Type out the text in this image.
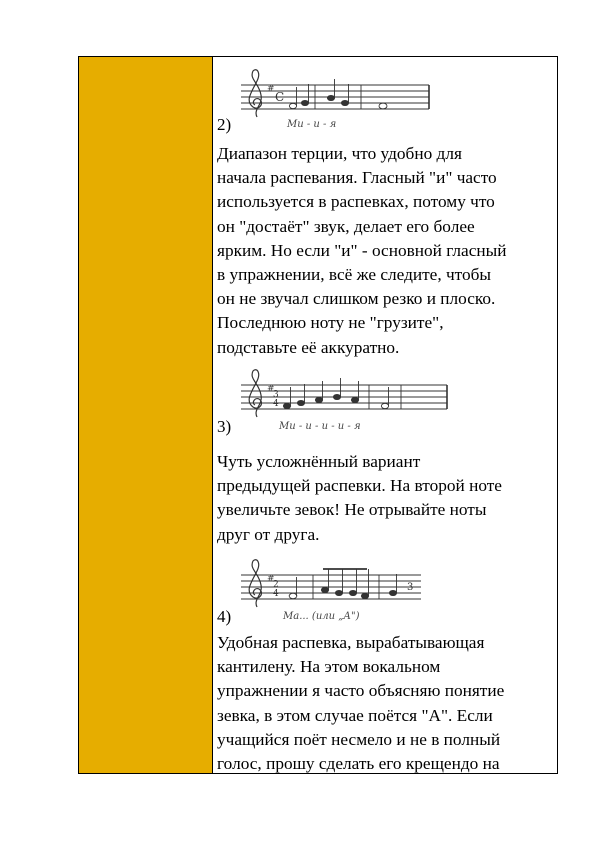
2)
#
C
Ми - и - я
Диапазон терции, что удобно для
начала распевания. Гласный "и" часто
используется в распевках, потому что
он "достаёт" звук, делает его более
ярким. Но если "и" - основной гласный
в упражнении, всё же следите, чтобы
он не звучал слишком резко и плоско.
Последнюю ноту не "грузите",
подставьте её аккуратно.
3)
#
3
4
Ми - и - и - и - я
Чуть усложнённый вариант
предыдущей распевки. На второй ноте
увеличьте зевок! Не отрывайте ноты
друг от друга.
4)
#
2
4
3
Ма... (или „А")
Удобная распевка, вырабатывающая
кантилену. На этом вокальном
упражнении я часто объясняю понятие
зевка, в этом случае поётся "А". Если
учащийся поёт несмело и не в полный
голос, прошу сделать его крещендо на
